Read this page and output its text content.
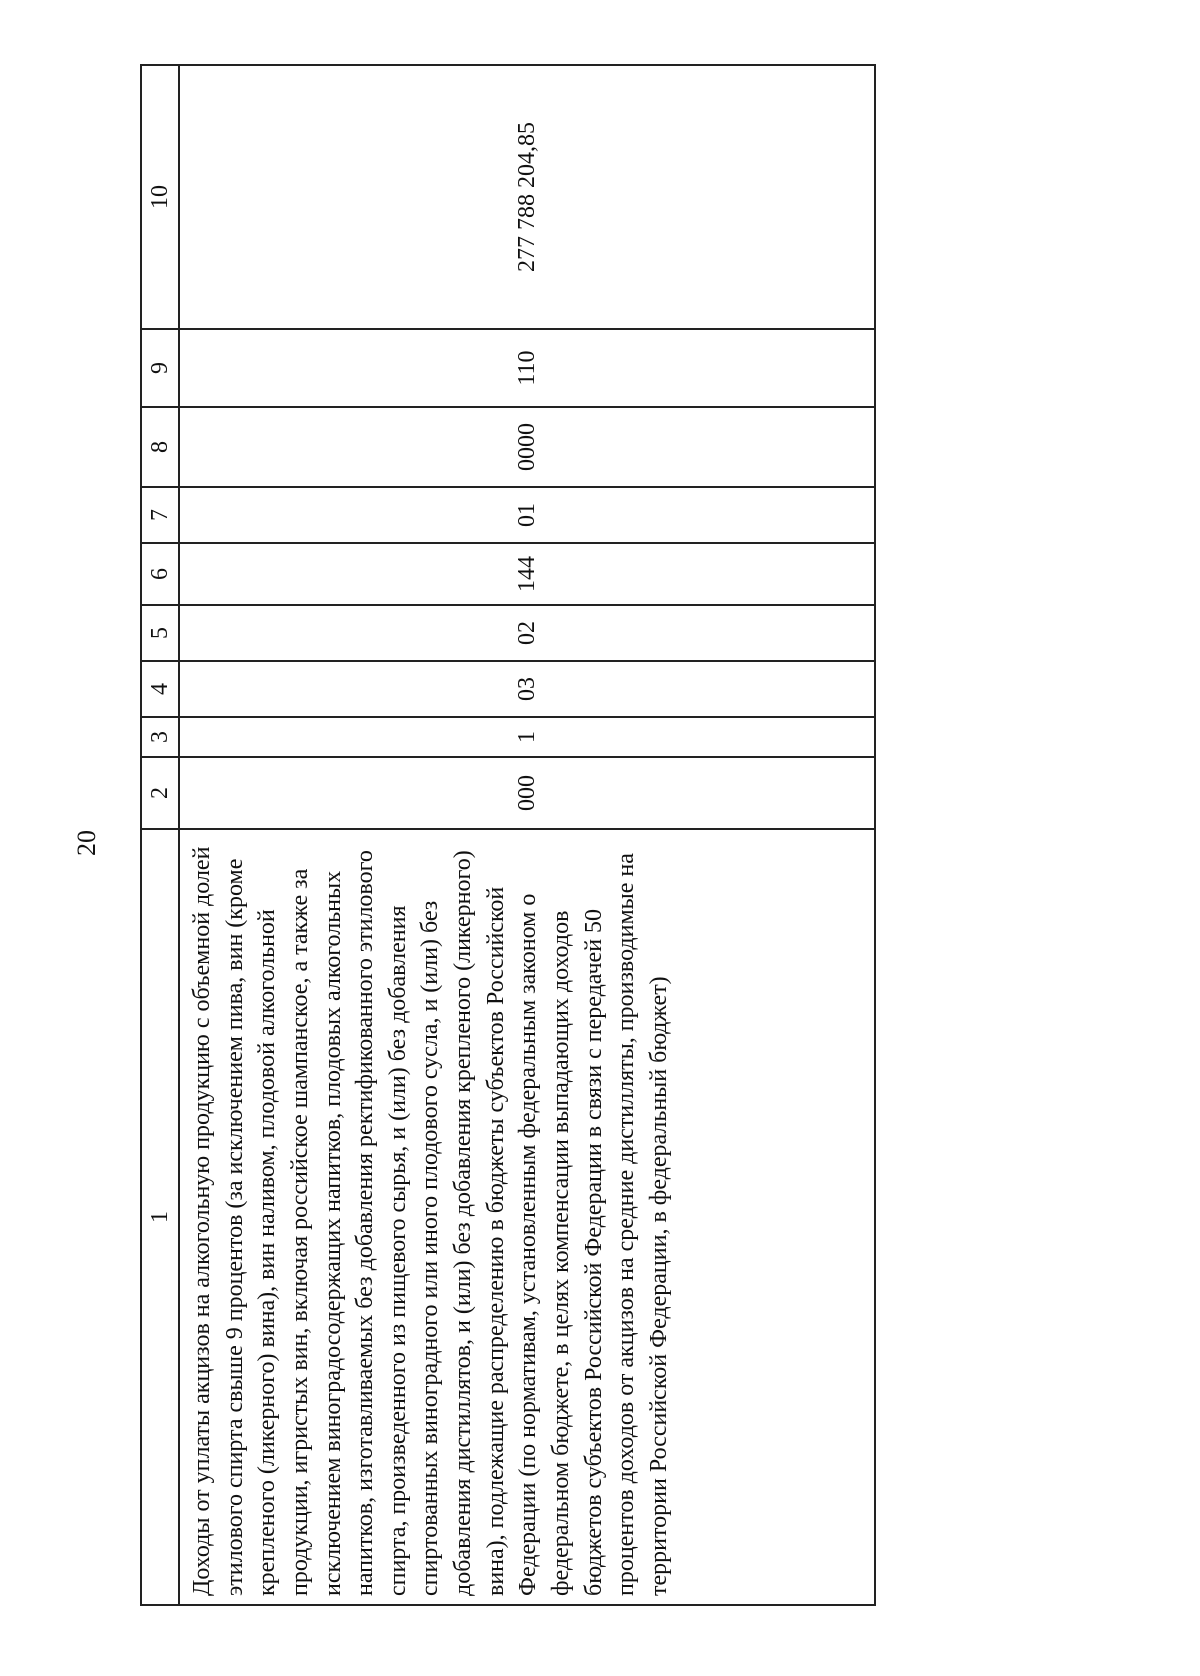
20
1	2	3	4	5	6	7	8	9	10
Доходы от уплаты акцизов на алкогольную продукцию с объемной долей этилового спирта свыше 9 процентов (за исключением пива, вин (кроме крепленого (ликерного) вина), вин наливом, плодовой алкогольной продукции, игристых вин, включая российское шампанское, а также за исключением виноградосодержащих напитков, плодовых алкогольных напитков, изготавливаемых без добавления ректификованного этилового спирта, произведенного из пищевого сырья, и (или) без добавления спиртованных виноградного или иного плодового сусла, и (или) без добавления дистиллятов, и (или) без добавления крепленого (ликерного) вина), подлежащие распределению в бюджеты субъектов Российской Федерации (по нормативам, установленным федеральным законом о федеральном бюджете, в целях компенсации выпадающих доходов бюджетов субъектов Российской Федерации в связи с передачей 50 процентов доходов от акцизов на средние дистилляты, производимые на территории Российской Федерации, в федеральный бюджет)	000	1	03	02	144	01	0000	110	277 788 204,85
